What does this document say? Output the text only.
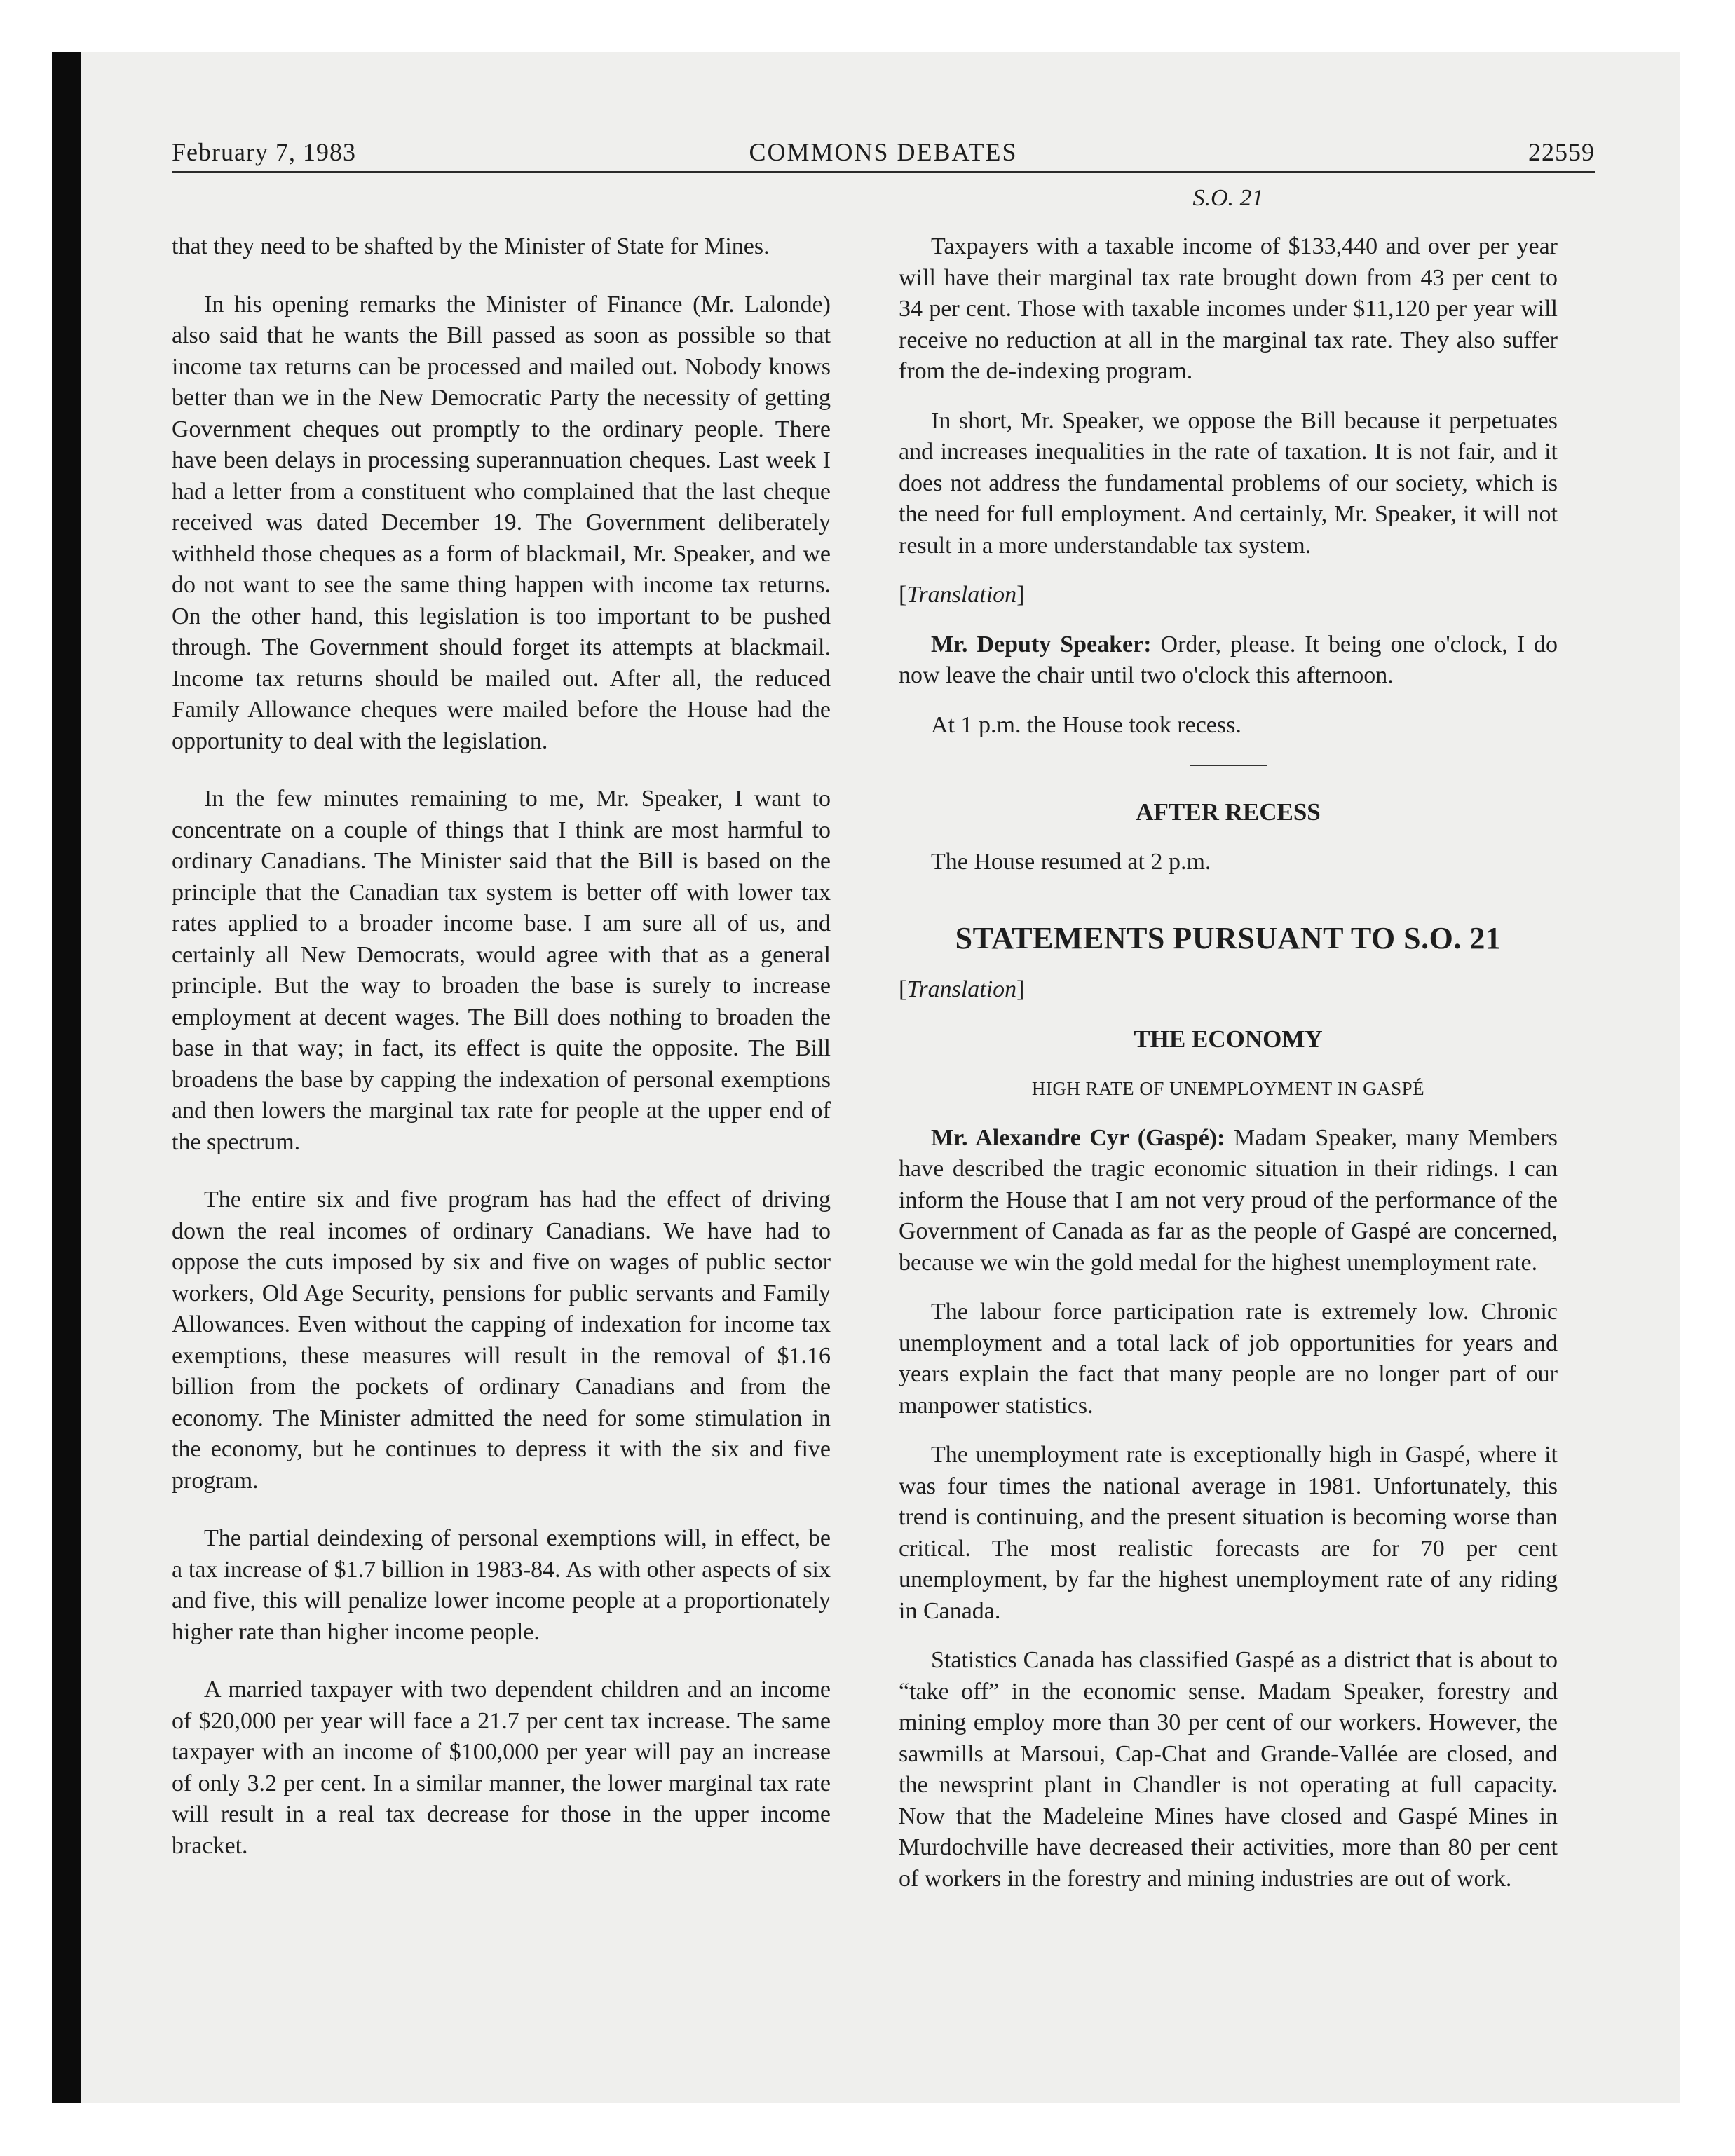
February 7, 1983	COMMONS DEBATES	22559
S.O. 21

that they need to be shafted by the Minister of State for Mines.

In his opening remarks the Minister of Finance (Mr. Lalonde) also said that he wants the Bill passed as soon as possible so that income tax returns can be processed and mailed out. Nobody knows better than we in the New Democratic Party the necessity of getting Government cheques out promptly to the ordinary people. There have been delays in processing superannuation cheques. Last week I had a letter from a constituent who complained that the last cheque received was dated December 19. The Government deliberately withheld those cheques as a form of blackmail, Mr. Speaker, and we do not want to see the same thing happen with income tax returns. On the other hand, this legislation is too important to be pushed through. The Government should forget its attempts at blackmail. Income tax returns should be mailed out. After all, the reduced Family Allowance cheques were mailed before the House had the opportunity to deal with the legislation.

In the few minutes remaining to me, Mr. Speaker, I want to concentrate on a couple of things that I think are most harmful to ordinary Canadians. The Minister said that the Bill is based on the principle that the Canadian tax system is better off with lower tax rates applied to a broader income base. I am sure all of us, and certainly all New Democrats, would agree with that as a general principle. But the way to broaden the base is surely to increase employment at decent wages. The Bill does nothing to broaden the base in that way; in fact, its effect is quite the opposite. The Bill broadens the base by capping the indexation of personal exemptions and then lowers the marginal tax rate for people at the upper end of the spectrum.

The entire six and five program has had the effect of driving down the real incomes of ordinary Canadians. We have had to oppose the cuts imposed by six and five on wages of public sector workers, Old Age Security, pensions for public servants and Family Allowances. Even without the capping of indexation for income tax exemptions, these measures will result in the removal of $1.16 billion from the pockets of ordinary Canadians and from the economy. The Minister admitted the need for some stimulation in the economy, but he continues to depress it with the six and five program.

The partial deindexing of personal exemptions will, in effect, be a tax increase of $1.7 billion in 1983-84. As with other aspects of six and five, this will penalize lower income people at a proportionately higher rate than higher income people.

A married taxpayer with two dependent children and an income of $20,000 per year will face a 21.7 per cent tax increase. The same taxpayer with an income of $100,000 per year will pay an increase of only 3.2 per cent. In a similar manner, the lower marginal tax rate will result in a real tax decrease for those in the upper income bracket.

Taxpayers with a taxable income of $133,440 and over per year will have their marginal tax rate brought down from 43 per cent to 34 per cent. Those with taxable incomes under $11,120 per year will receive no reduction at all in the marginal tax rate. They also suffer from the de-indexing program.

In short, Mr. Speaker, we oppose the Bill because it perpetuates and increases inequalities in the rate of taxation. It is not fair, and it does not address the fundamental problems of our society, which is the need for full employment. And certainly, Mr. Speaker, it will not result in a more understandable tax system.

[Translation]

Mr. Deputy Speaker: Order, please. It being one o'clock, I do now leave the chair until two o'clock this afternoon.

At 1 p.m. the House took recess.

AFTER RECESS

The House resumed at 2 p.m.

STATEMENTS PURSUANT TO S.O. 21

[Translation]

THE ECONOMY

HIGH RATE OF UNEMPLOYMENT IN GASPÉ

Mr. Alexandre Cyr (Gaspé): Madam Speaker, many Members have described the tragic economic situation in their ridings. I can inform the House that I am not very proud of the performance of the Government of Canada as far as the people of Gaspé are concerned, because we win the gold medal for the highest unemployment rate.

The labour force participation rate is extremely low. Chronic unemployment and a total lack of job opportunities for years and years explain the fact that many people are no longer part of our manpower statistics.

The unemployment rate is exceptionally high in Gaspé, where it was four times the national average in 1981. Unfortunately, this trend is continuing, and the present situation is becoming worse than critical. The most realistic forecasts are for 70 per cent unemployment, by far the highest unemployment rate of any riding in Canada.

Statistics Canada has classified Gaspé as a district that is about to “take off” in the economic sense. Madam Speaker, forestry and mining employ more than 30 per cent of our workers. However, the sawmills at Marsoui, Cap-Chat and Grande-Vallée are closed, and the newsprint plant in Chandler is not operating at full capacity. Now that the Madeleine Mines have closed and Gaspé Mines in Murdochville have decreased their activities, more than 80 per cent of workers in the forestry and mining industries are out of work.
